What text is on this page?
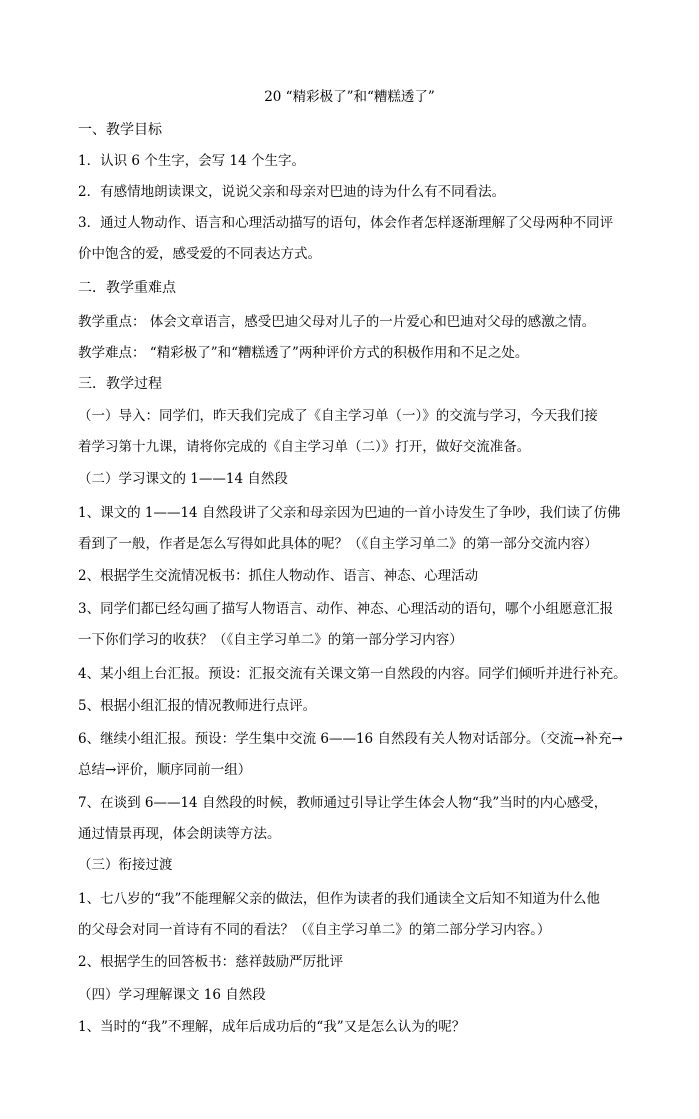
20 “精彩极了”和“糟糕透了”
一、教学目标
1．认识 6 个生字，会写 14 个生字。
2．有感情地朗读课文，说说父亲和母亲对巴迪的诗为什么有不同看法。
3．通过人物动作、语言和心理活动描写的语句，体会作者怎样逐渐理解了父母两种不同评
价中饱含的爱，感受爱的不同表达方式。
二．教学重难点
教学重点： 体会文章语言，感受巴迪父母对儿子的一片爱心和巴迪对父母的感激之情。
教学难点： “精彩极了”和“糟糕透了”两种评价方式的积极作用和不足之处。
三．教学过程
（一）导入：同学们，昨天我们完成了《自主学习单（一）》的交流与学习，今天我们接
着学习第十九课，请将你完成的《自主学习单（二）》打开，做好交流准备。
（二）学习课文的 1——14 自然段
1、课文的 1——14 自然段讲了父亲和母亲因为巴迪的一首小诗发生了争吵，我们读了仿佛
看到了一般，作者是怎么写得如此具体的呢？（《自主学习单二》的第一部分交流内容）
2、根据学生交流情况板书：抓住人物动作、语言、神态、心理活动
3、同学们都已经勾画了描写人物语言、动作、神态、心理活动的语句，哪个小组愿意汇报
一下你们学习的收获？（《自主学习单二》的第一部分学习内容）
4、某小组上台汇报。预设：汇报交流有关课文第一自然段的内容。同学们倾听并进行补充。
5、根据小组汇报的情况教师进行点评。
6、继续小组汇报。预设：学生集中交流 6——16 自然段有关人物对话部分。（交流→补充→
总结→评价，顺序同前一组）
7、在谈到 6——14 自然段的时候，教师通过引导让学生体会人物“我”当时的内心感受，
通过情景再现，体会朗读等方法。
（三）衔接过渡
1、七八岁的“我”不能理解父亲的做法，但作为读者的我们通读全文后知不知道为什么他
的父母会对同一首诗有不同的看法？（《自主学习单二》的第二部分学习内容。）
2、根据学生的回答板书：慈祥鼓励严厉批评
（四）学习理解课文 16 自然段
1、当时的“我”不理解，成年后成功后的“我”又是怎么认为的呢？
